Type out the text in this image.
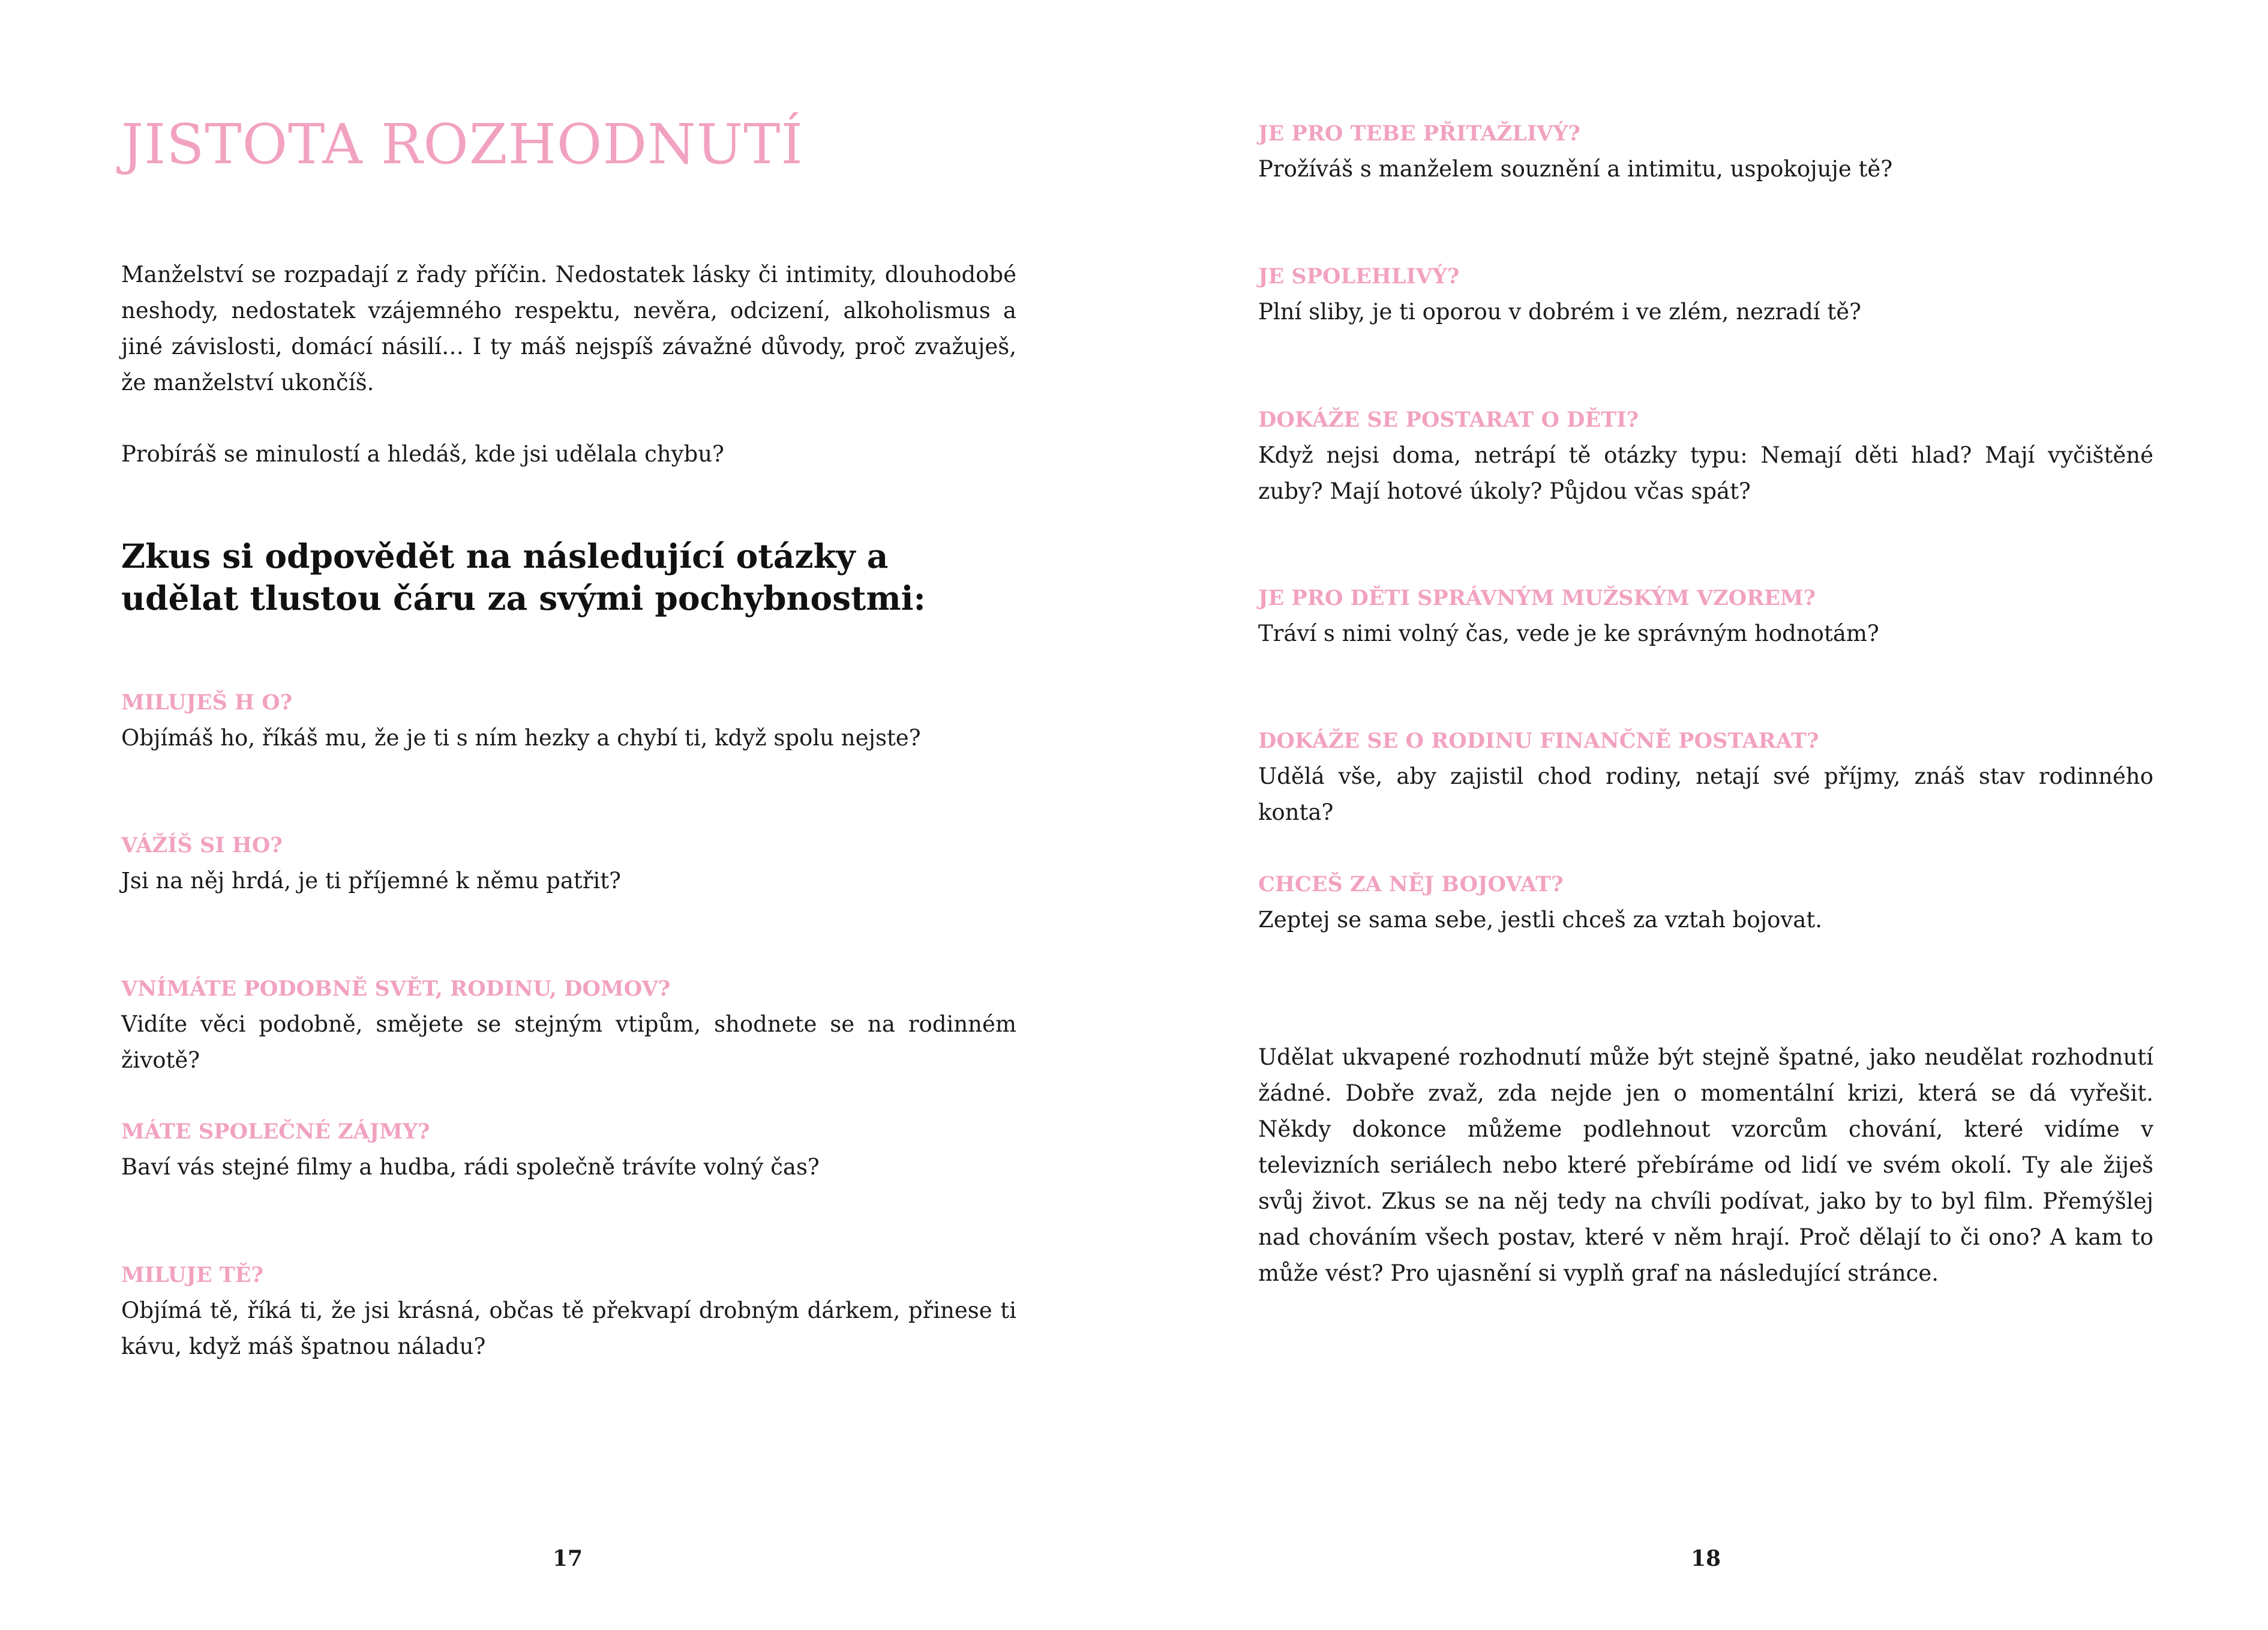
JISTOTA ROZHODNUTÍ

Manželství se rozpadají z řady příčin. Nedostatek lásky či intimity, dlouhodobé neshody, nedostatek vzájemného respektu, nevěra, odcizení, alkoholismus a jiné závislosti, domácí násilí… I ty máš nejspíš závažné důvody, proč zvažuješ, že manželství ukončíš.

Probíráš se minulostí a hledáš, kde jsi udělala chybu?

Zkus si odpovědět na následující otázky a udělat tlustou čáru za svými pochybnostmi:

MILUJEŠ H O?

Objímáš ho, říkáš mu, že je ti s ním hezky a chybí ti, když spolu nejste?

VÁŽÍŠ SI HO?

Jsi na něj hrdá, je ti příjemné k němu patřit?

VNÍMÁTE PODOBNĚ SVĚT, RODINU, DOMOV?

Vidíte věci podobně, smějete se stejným vtipům, shodnete se na rodinném životě?

MÁTE SPOLEČNÉ ZÁJMY?

Baví vás stejné filmy a hudba, rádi společně trávíte volný čas?

MILUJE TĚ?

Objímá tě, říká ti, že jsi krásná, občas tě překvapí drobným dárkem, přinese ti kávu, když máš špatnou náladu?

17

JE PRO TEBE PŘITAŽLIVÝ?

Prožíváš s manželem souznění a intimitu, uspokojuje tě?

JE SPOLEHLIVÝ?

Plní sliby, je ti oporou v dobrém i ve zlém, nezradí tě?

DOKÁŽE SE POSTARAT O DĚTI?

Když nejsi doma, netrápí tě otázky typu: Nemají děti hlad? Mají vyčištěné zuby? Mají hotové úkoly? Půjdou včas spát?

JE PRO DĚTI SPRÁVNÝM MUŽSKÝM VZOREM?

Tráví s nimi volný čas, vede je ke správným hodnotám?

DOKÁŽE SE O RODINU FINANČNĚ POSTARAT?

Udělá vše, aby zajistil chod rodiny, netají své příjmy, znáš stav rodinného konta?

CHCEŠ ZA NĚJ BOJOVAT?

Zeptej se sama sebe, jestli chceš za vztah bojovat.

Udělat ukvapené rozhodnutí může být stejně špatné, jako neudělat rozhodnutí žádné. Dobře zvaž, zda nejde jen o momentální krizi, která se dá vyřešit. Někdy dokonce můžeme podlehnout vzorcům chování, které vidíme v televizních seriálech nebo které přebíráme od lidí ve svém okolí. Ty ale žiješ svůj život. Zkus se na něj tedy na chvíli podívat, jako by to byl film. Přemýšlej nad chováním všech postav, které v něm hrají. Proč dělají to či ono? A kam to může vést? Pro ujasnění si vyplň graf na následující stránce.

18
